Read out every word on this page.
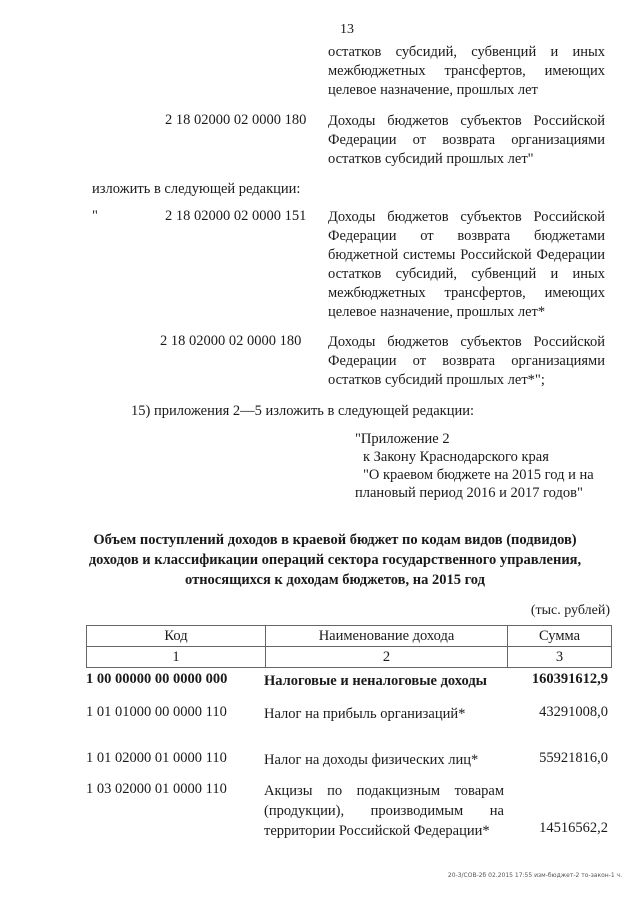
13
остатков субсидий, субвенций и иных межбюджетных трансфертов, имеющих целевое назначение, прошлых лет
2 18 02000 02 0000 180 Доходы бюджетов субъектов Российской Федерации от возврата организациями остатков субсидий прошлых лет"
изложить в следующей редакции:
"	2 18 02000 02 0000 151 Доходы бюджетов субъектов Российской Федерации от возврата бюджетами бюджетной системы Российской Федерации остатков субсидий, субвенций и иных межбюджетных трансфертов, имеющих целевое назначение, прошлых лет*
2 18 02000 02 0000 180 Доходы бюджетов субъектов Российской Федерации от возврата организациями остатков субсидий прошлых лет*";
15) приложения 2—5 изложить в следующей редакции:
"Приложение 2
к Закону Краснодарского края
"О краевом бюджете на 2015 год и на
плановый период 2016 и 2017 годов"
Объем поступлений доходов в краевой бюджет по кодам видов (подвидов)
доходов и классификации операций сектора государственного управления,
относящихся к доходам бюджетов, на 2015 год
(тыс. рублей)
Код	Наименование дохода	Сумма
1	2	3
1 00 00000 00 0000 000	Налоговые и неналоговые доходы	160391612,9
1 01 01000 00 0000 110	Налог на прибыль организаций*	43291008,0
1 01 02000 01 0000 110	Налог на доходы физических лиц*	55921816,0
1 03 02000 01 0000 110	Акцизы по подакцизным товарам (продукции), производимым на территории Российской Федерации*	14516562,2
20-3/СОВ-2б 02.2015 17:55 изм-бюджет-2 то-закон-1 ч.
